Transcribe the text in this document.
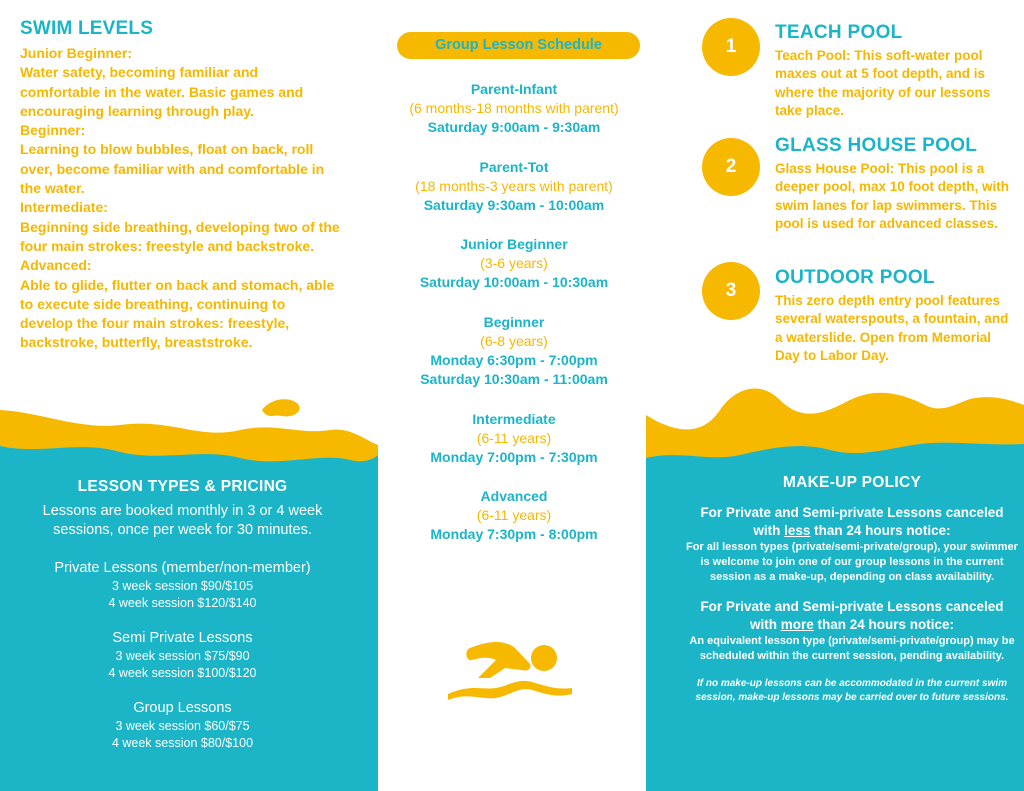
SWIM LEVELS
Junior Beginner:
Water safety, becoming familiar and comfortable in the water. Basic games and encouraging learning through play.
Beginner:
Learning to blow bubbles, float on back, roll over, become familiar with and comfortable in the water.
Intermediate:
Beginning side breathing, developing two of the four main strokes: freestyle and backstroke.
Advanced:
Able to glide, flutter on back and stomach, able to execute side breathing, continuing to develop the four main strokes: freestyle, backstroke, butterfly, breaststroke.
LESSON TYPES & PRICING
Lessons are booked monthly in 3 or 4 week sessions, once per week for 30 minutes.
Private Lessons (member/non-member)
3 week session $90/$105
4 week session $120/$140
Semi Private Lessons
3 week session $75/$90
4 week session $100/$120
Group Lessons
3 week session $60/$75
4 week session $80/$100
Group Lesson Schedule
Parent-Infant
(6 months-18 months with parent)
Saturday 9:00am - 9:30am
Parent-Tot
(18 months-3 years with parent)
Saturday 9:30am - 10:00am
Junior Beginner
(3-6 years)
Saturday 10:00am - 10:30am
Beginner
(6-8 years)
Monday 6:30pm - 7:00pm
Saturday 10:30am - 11:00am
Intermediate
(6-11 years)
Monday 7:00pm - 7:30pm
Advanced
(6-11 years)
Monday 7:30pm - 8:00pm
1
TEACH POOL
Teach Pool: This soft-water pool maxes out at 5 foot depth, and is where the majority of our lessons take place.
2
GLASS HOUSE POOL
Glass House Pool: This pool is a deeper pool, max 10 foot depth, with swim lanes for lap swimmers. This pool is used for advanced classes.
3
OUTDOOR POOL
This zero depth entry pool features several waterspouts, a fountain, and a waterslide. Open from Memorial Day to Labor Day.
MAKE-UP POLICY
For Private and Semi-private Lessons canceled with less than 24 hours notice:
For all lesson types (private/semi-private/group), your swimmer is welcome to join one of our group lessons in the current session as a make-up, depending on class availability.
For Private and Semi-private Lessons canceled with more than 24 hours notice:
An equivalent lesson type (private/semi-private/group) may be scheduled within the current session, pending availability.
If no make-up lessons can be accommodated in the current swim session, make-up lessons may be carried over to future sessions.
